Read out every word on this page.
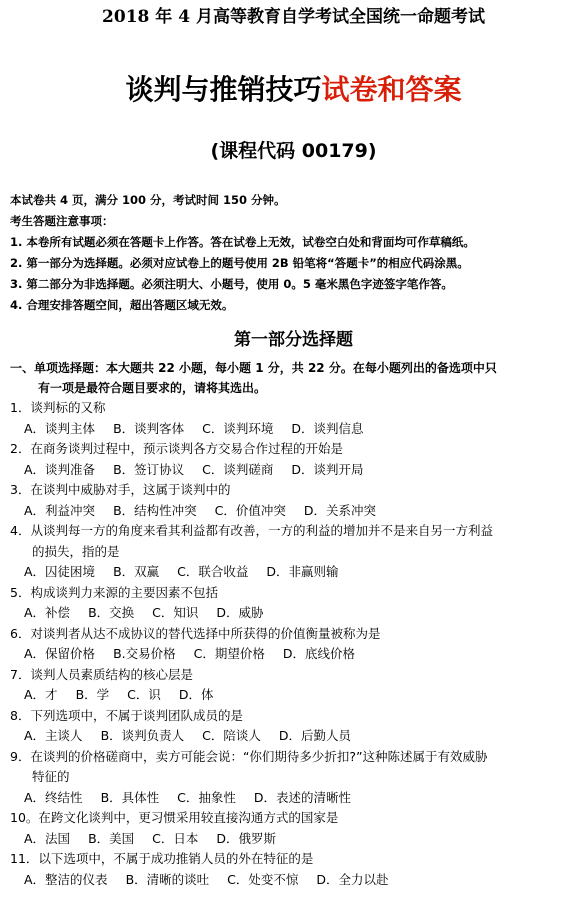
2018 年 4 月高等教育自学考试全国统一命题考试
谈判与推销技巧试卷和答案
(课程代码 00179)
本试卷共 4 页，满分 100 分，考试时间 150 分钟。
考生答题注意事项：
1. 本卷所有试题必须在答题卡上作答。答在试卷上无效，试卷空白处和背面均可作草稿纸。
2. 第一部分为选择题。必须对应试卷上的题号使用 2B 铅笔将“答题卡”的相应代码涂黑。
3. 第二部分为非选择题。必须注明大、小题号，使用 0。5 毫米黑色字迹签字笔作答。
4. 合理安排答题空间，超出答题区域无效。
第一部分选择题
一、单项选择题：本大题共 22 小题，每小题 1 分，共 22 分。在每小题列出的备选项中只
有一项是最符合题目要求的，请将其选出。
1．谈判标的又称
A．谈判主体 B．谈判客体 C．谈判环境 D．谈判信息
2．在商务谈判过程中，预示谈判各方交易合作过程的开始是
A．谈判准备 B．签订协议 C．谈判磋商 D．谈判开局
3．在谈判中威胁对手，这属于谈判中的
A．利益冲突 B．结构性冲突 C．价值冲突 D．关系冲突
4．从谈判每一方的角度来看其利益都有改善，一方的利益的增加并不是来自另一方利益
的损失，指的是
A．囚徒困境 B．双赢 C．联合收益 D．非赢则输
5．构成谈判力来源的主要因素不包括
A．补偿 B．交换 C．知识 D．威胁
6．对谈判者从达不成协议的替代选择中所获得的价值衡量被称为是
A．保留价格 B.交易价格 C．期望价格 D．底线价格
7．谈判人员素质结构的核心层是
A．才 B．学 C．识 D．体
8．下列选项中，不属于谈判团队成员的是
A．主谈人 B．谈判负责人 C．陪谈人 D．后勤人员
9．在谈判的价格磋商中，卖方可能会说：“你们期待多少折扣?”这种陈述属于有效威胁
特征的
A．终结性 B．具体性 C．抽象性 D．表述的清晰性
10。在跨文化谈判中，更习惯采用较直接沟通方式的国家是
A．法国 B．美国 C．日本 D．俄罗斯
11．以下选项中，不属于成功推销人员的外在特征的是
A．整洁的仪表 B．清晰的谈吐 C．处变不惊 D．全力以赴
